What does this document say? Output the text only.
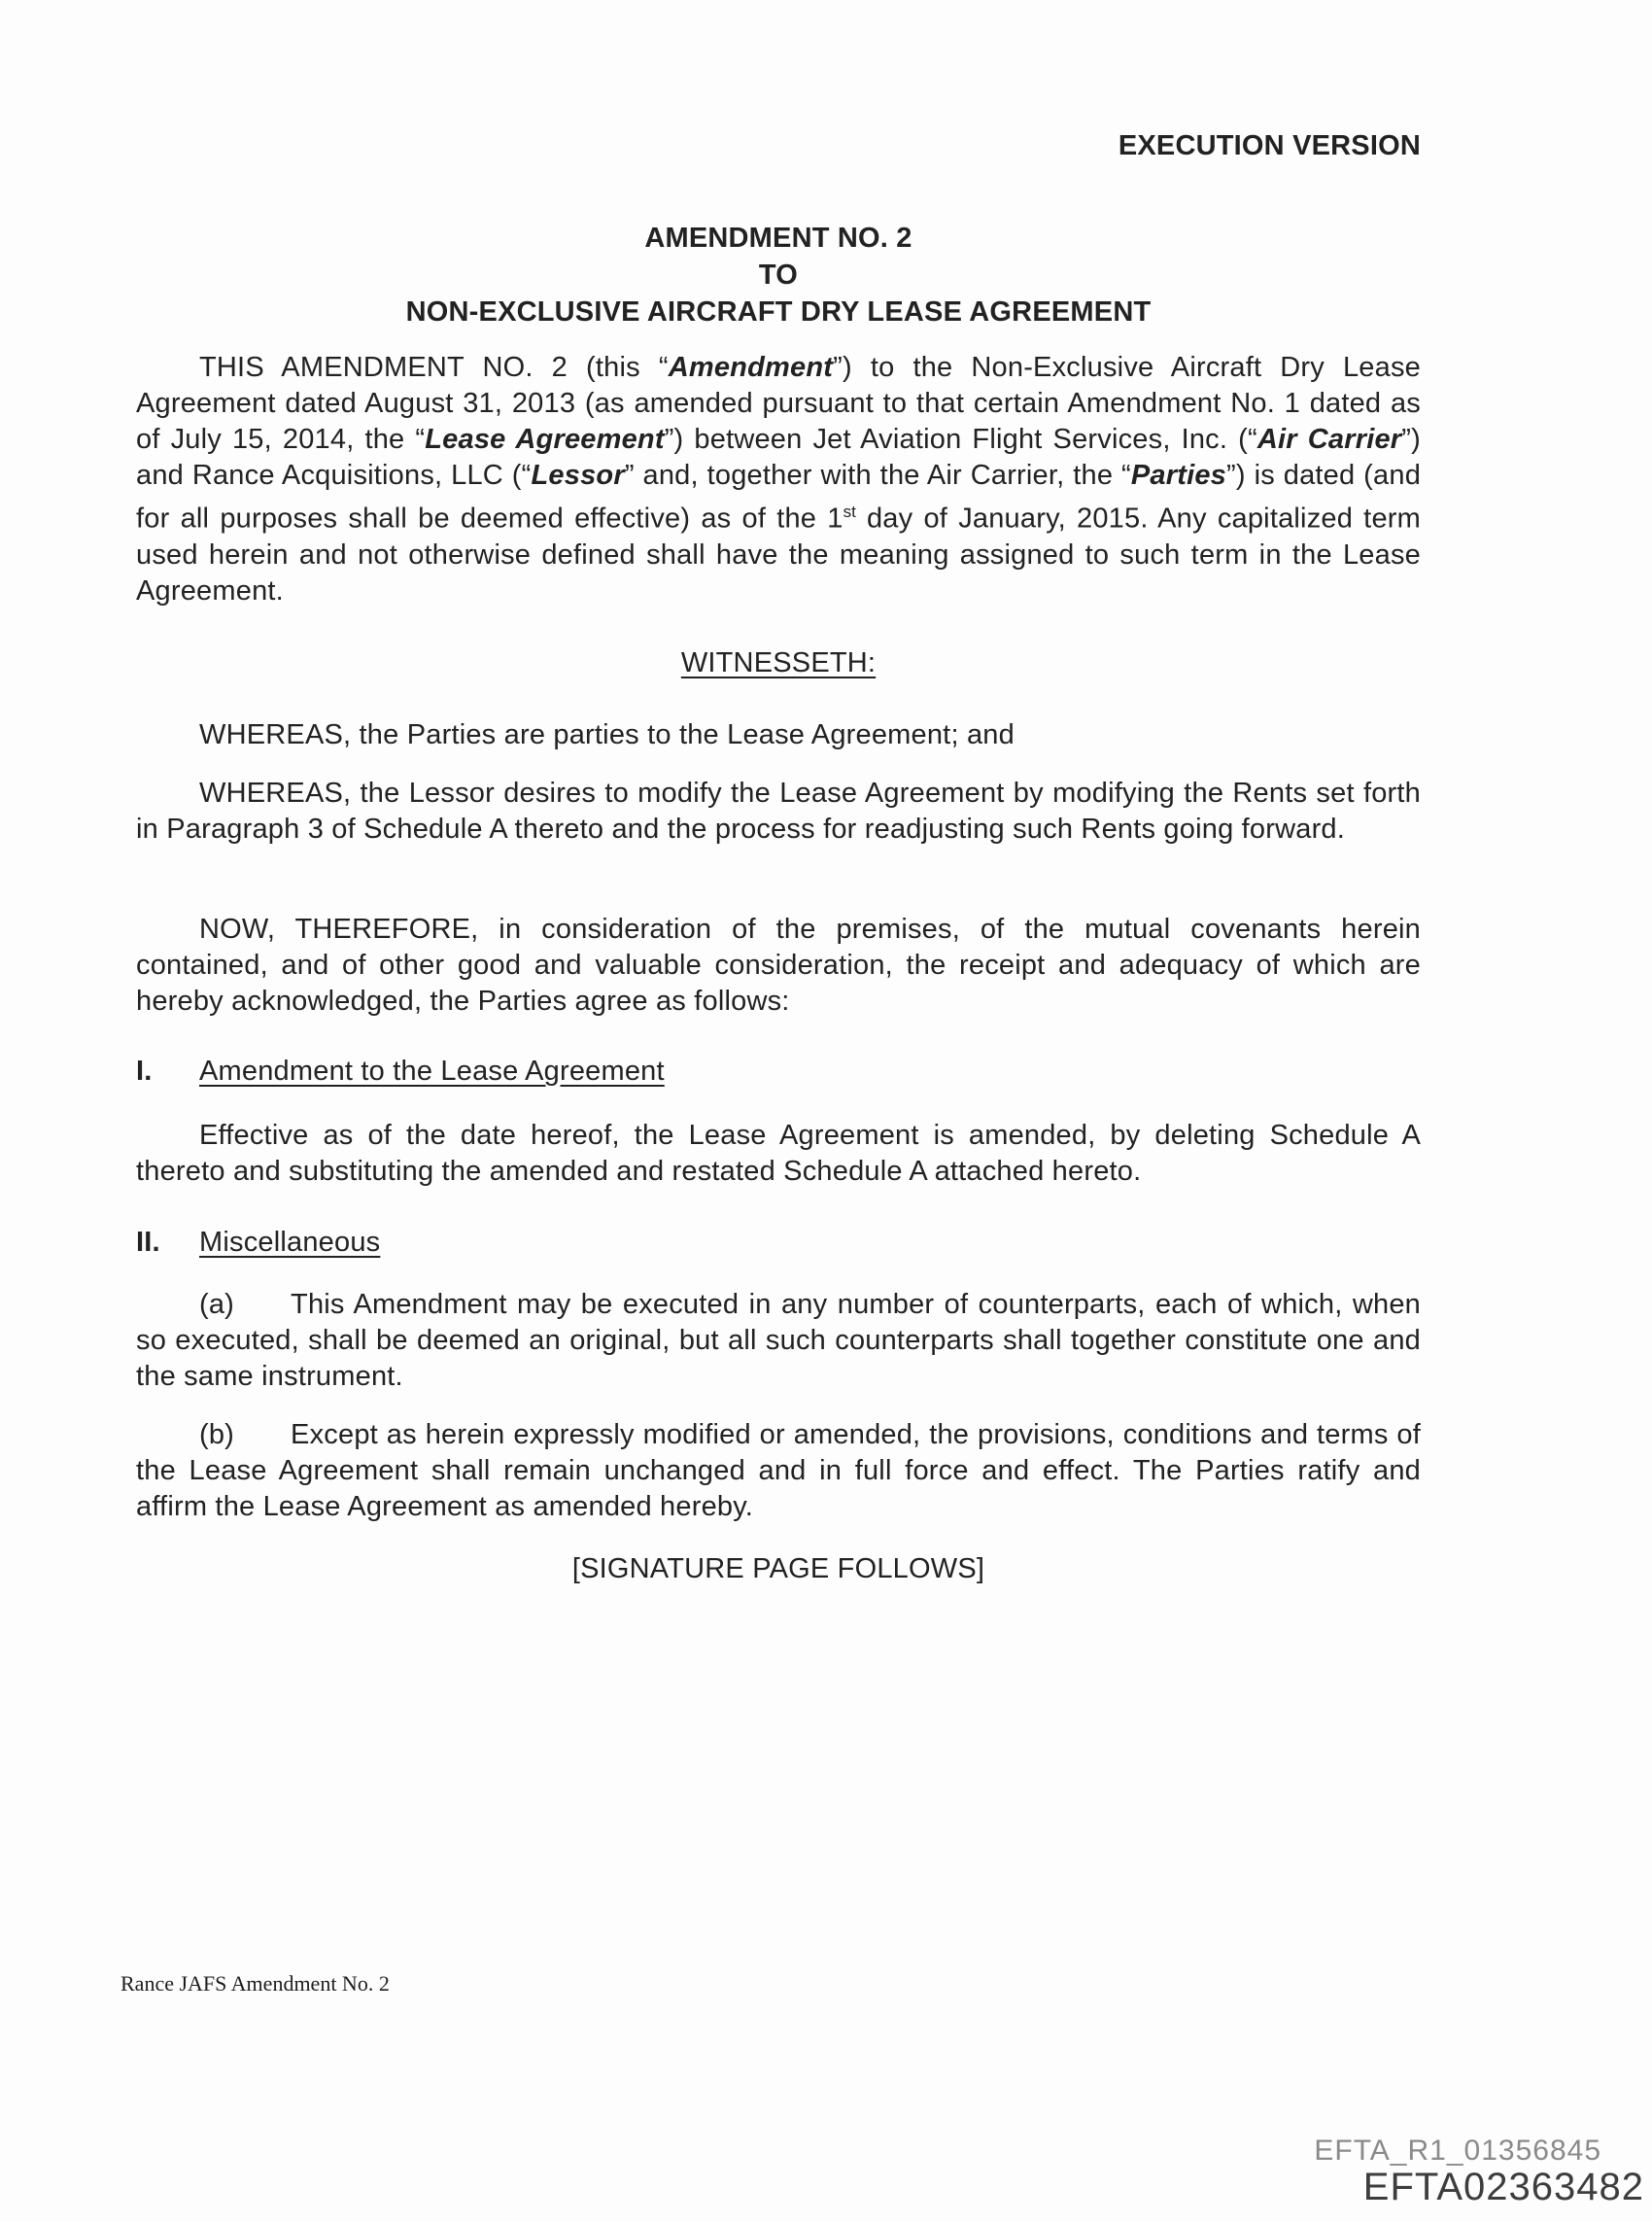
EXECUTION VERSION
AMENDMENT NO. 2
TO
NON-EXCLUSIVE AIRCRAFT DRY LEASE AGREEMENT
THIS AMENDMENT NO. 2 (this “Amendment”) to the Non-Exclusive Aircraft Dry Lease Agreement dated August 31, 2013 (as amended pursuant to that certain Amendment No. 1 dated as of July 15, 2014, the “Lease Agreement”) between Jet Aviation Flight Services, Inc. (“Air Carrier”) and Rance Acquisitions, LLC (“Lessor” and, together with the Air Carrier, the “Parties”) is dated (and for all purposes shall be deemed effective) as of the 1st day of January, 2015. Any capitalized term used herein and not otherwise defined shall have the meaning assigned to such term in the Lease Agreement.
WITNESSETH:
WHEREAS, the Parties are parties to the Lease Agreement; and
WHEREAS, the Lessor desires to modify the Lease Agreement by modifying the Rents set forth in Paragraph 3 of Schedule A thereto and the process for readjusting such Rents going forward.
NOW, THEREFORE, in consideration of the premises, of the mutual covenants herein contained, and of other good and valuable consideration, the receipt and adequacy of which are hereby acknowledged, the Parties agree as follows:
I. Amendment to the Lease Agreement
Effective as of the date hereof, the Lease Agreement is amended, by deleting Schedule A thereto and substituting the amended and restated Schedule A attached hereto.
II. Miscellaneous
(a) This Amendment may be executed in any number of counterparts, each of which, when so executed, shall be deemed an original, but all such counterparts shall together constitute one and the same instrument.
(b) Except as herein expressly modified or amended, the provisions, conditions and terms of the Lease Agreement shall remain unchanged and in full force and effect. The Parties ratify and affirm the Lease Agreement as amended hereby.
[SIGNATURE PAGE FOLLOWS]
Rance JAFS Amendment No. 2
EFTA_R1_01356845
EFTA02363482
